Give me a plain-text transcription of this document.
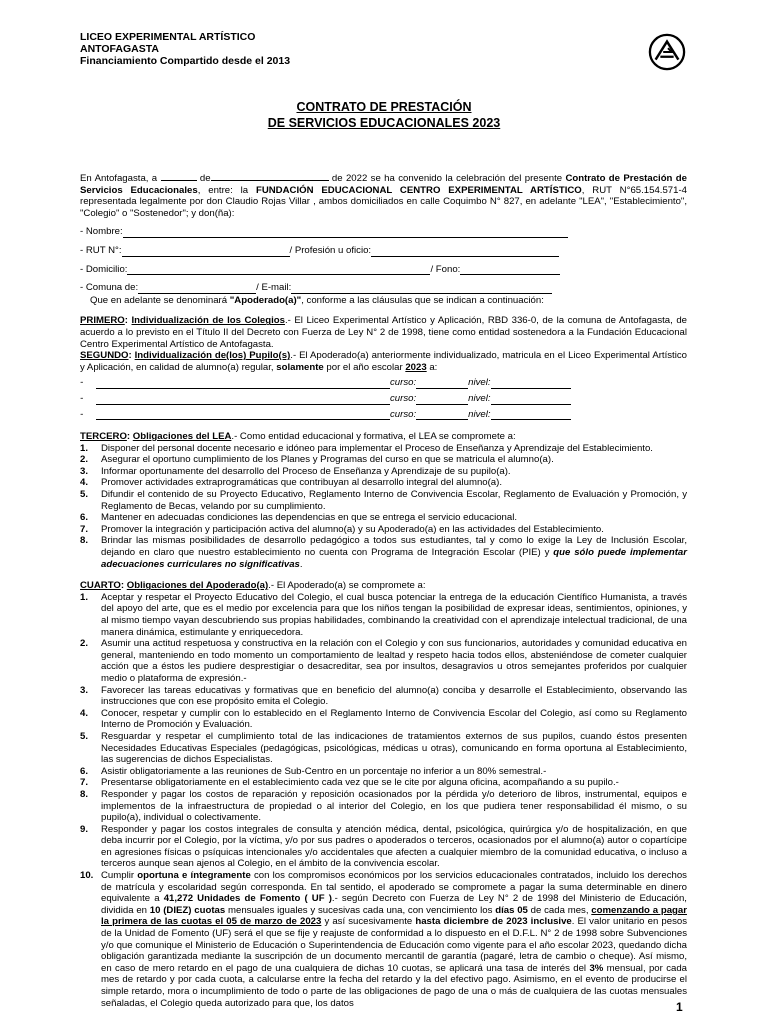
LICEO EXPERIMENTAL ARTÍSTICO
ANTOFAGASTA
Financiamiento Compartido desde el 2013
CONTRATO DE PRESTACIÓN
DE SERVICIOS EDUCACIONALES 2023

En Antofagasta, a	de	de 2022 se ha convenido la celebración del presente Contrato de Prestación de Servicios Educacionales, entre: la FUNDACIÓN EDUCACIONAL CENTRO EXPERIMENTAL ARTÍSTICO, RUT N°65.154.571-4 representada legalmente por don Claudio Rojas Villar , ambos domiciliados en calle Coquimbo N° 827, en adelante "LEA", "Establecimiento", "Colegio" o "Sostenedor"; y don(ña):

- Nombre:
- RUT N°:	/ Profesión u oficio:
- Domicilio:	/ Fono:
- Comuna de:	/ E-mail:

Que en adelante se denominará "Apoderado(a)", conforme a las cláusulas que se indican a continuación:

PRIMERO: Individualización de los Colegios.- El Liceo Experimental Artístico y Aplicación, RBD 336-0, de la comuna de Antofagasta, de acuerdo a lo previsto en el Título II del Decreto con Fuerza de Ley N° 2 de 1998, tiene como entidad sostenedora a la Fundación Educacional Centro Experimental Artístico de Antofagasta.

SEGUNDO: Individualización de(los) Pupilo(s).- El Apoderado(a) anteriormente individualizado, matricula en el Liceo Experimental Artístico y Aplicación, en calidad de alumno(a) regular, solamente por el año escolar 2023 a:

-	curso:	nivel:
-	curso:	nivel:
-	curso:	nivel:

TERCERO: Obligaciones del LEA.- Como entidad educacional y formativa, el LEA se compromete a:

1.	Disponer del personal docente necesario e idóneo para implementar el Proceso de Enseñanza y Aprendizaje del Establecimiento.
2.	Asegurar el oportuno cumplimiento de los Planes y Programas del curso en que se matricula el alumno(a).
3.	Informar oportunamente del desarrollo del Proceso de Enseñanza y Aprendizaje de su pupilo(a).
4.	Promover actividades extraprogramáticas que contribuyan al desarrollo integral del alumno(a).
5.	Difundir el contenido de su Proyecto Educativo, Reglamento Interno de Convivencia Escolar, Reglamento de Evaluación y Promoción, y Reglamento de Becas, velando por su cumplimiento.
6.	Mantener en adecuadas condiciones las dependencias en que se entrega el servicio educacional.
7.	Promover la integración y participación activa del alumno(a) y su Apoderado(a) en las actividades del Establecimiento.
8.	Brindar las mismas posibilidades de desarrollo pedagógico a todos sus estudiantes, tal y como lo exige la Ley de Inclusión Escolar, dejando en claro que nuestro establecimiento no cuenta con Programa de Integración Escolar (PIE) y que sólo puede implementar adecuaciones curriculares no significativas.

CUARTO: Obligaciones del Apoderado(a).- El Apoderado(a) se compromete a:

1.	Aceptar y respetar el Proyecto Educativo del Colegio, el cual busca potenciar la entrega de la educación Científico Humanista, a través del apoyo del arte, que es el medio por excelencia para que los niños tengan la posibilidad de expresar ideas, sentimientos, opiniones, y al mismo tiempo vayan descubriendo sus propias habilidades, combinando la creatividad con el aprendizaje intelectual tradicional, de una manera dinámica, estimulante y enriquecedora.
2.	Asumir una actitud respetuosa y constructiva en la relación con el Colegio y con sus funcionarios, autoridades y comunidad educativa en general, manteniendo en todo momento un comportamiento de lealtad y respeto hacia todos ellos, absteniéndose de cometer cualquier acción que a éstos les pudiere desprestigiar o desacreditar, sea por insultos, desagravios u otros semejantes proferidos por cualquier medio o plataforma de expresión.-
3.	Favorecer las tareas educativas y formativas que en beneficio del alumno(a) conciba y desarrolle el Establecimiento, observando las instrucciones que con ese propósito emita el Colegio.
4.	Conocer, respetar y cumplir con lo establecido en el Reglamento Interno de Convivencia Escolar del Colegio, así como su Reglamento Interno de Promoción y Evaluación.
5.	Resguardar y respetar el cumplimiento total de las indicaciones de tratamientos externos de sus pupilos, cuando éstos presenten Necesidades Educativas Especiales (pedagógicas, psicológicas, médicas u otras), comunicando en forma oportuna al Establecimiento, las sugerencias de dichos Especialistas.
6.	Asistir obligatoriamente a las reuniones de Sub-Centro en un porcentaje no inferior a un 80% semestral.-
7.	Presentarse obligatoriamente en el establecimiento cada vez que se le cite por alguna oficina, acompañando a su pupilo.-
8.	Responder y pagar los costos de reparación y reposición ocasionados por la pérdida y/o deterioro de libros, instrumental, equipos e implementos de la infraestructura de propiedad o al interior del Colegio, en los que pudiera tener responsabilidad él mismo, o su pupilo(a), individual o colectivamente.
9.	Responder y pagar los costos integrales de consulta y atención médica, dental, psicológica, quirúrgica y/o de hospitalización, en que deba incurrir por el Colegio, por la víctima, y/o por sus padres o apoderados o terceros, ocasionados por el alumno(a) autor o copartícipe en agresiones físicas o psíquicas intencionales y/o accidentales que afecten a cualquier miembro de la comunidad educativa, o incluso a terceros aunque sean ajenos al Colegio, en el ámbito de la convivencia escolar.
10. Cumplir oportuna e íntegramente con los compromisos económicos por los servicios educacionales contratados, incluido los derechos de matrícula y escolaridad según corresponda. En tal sentido, el apoderado se compromete a pagar la suma determinable en dinero equivalente a 41,272 Unidades de Fomento ( UF ).- según Decreto con Fuerza de Ley N° 2 de 1998 del Ministerio de Educación, dividida en 10 (DIEZ) cuotas mensuales iguales y sucesivas cada una, con vencimiento los días 05 de cada mes, comenzando a pagar la primera de las cuotas el 05 de marzo de 2023 y así sucesivamente hasta diciembre de 2023 inclusive. El valor unitario en pesos de la Unidad de Fomento (UF) será el que se fije y reajuste de conformidad a lo dispuesto en el D.F.L. N° 2 de 1998 sobre Subvenciones y/o que comunique el Ministerio de Educación o Superintendencia de Educación como vigente para el año escolar 2023, quedando dicha obligación garantizada mediante la suscripción de un documento mercantil de garantía (pagaré, letra de cambio o cheque). Así mismo, en caso de mero retardo en el pago de una cualquiera de dichas 10 cuotas, se aplicará una tasa de interés del 3% mensual, por cada mes de retardo y por cada cuota, a calcularse entre la fecha del retardo y la del efectivo pago. Asimismo, en el evento de producirse el simple retardo, mora o incumplimiento de todo o parte de las obligaciones de pago de una o más de cualquiera de las cuotas mensuales señaladas, el Colegio queda autorizado para que, los datos	1
